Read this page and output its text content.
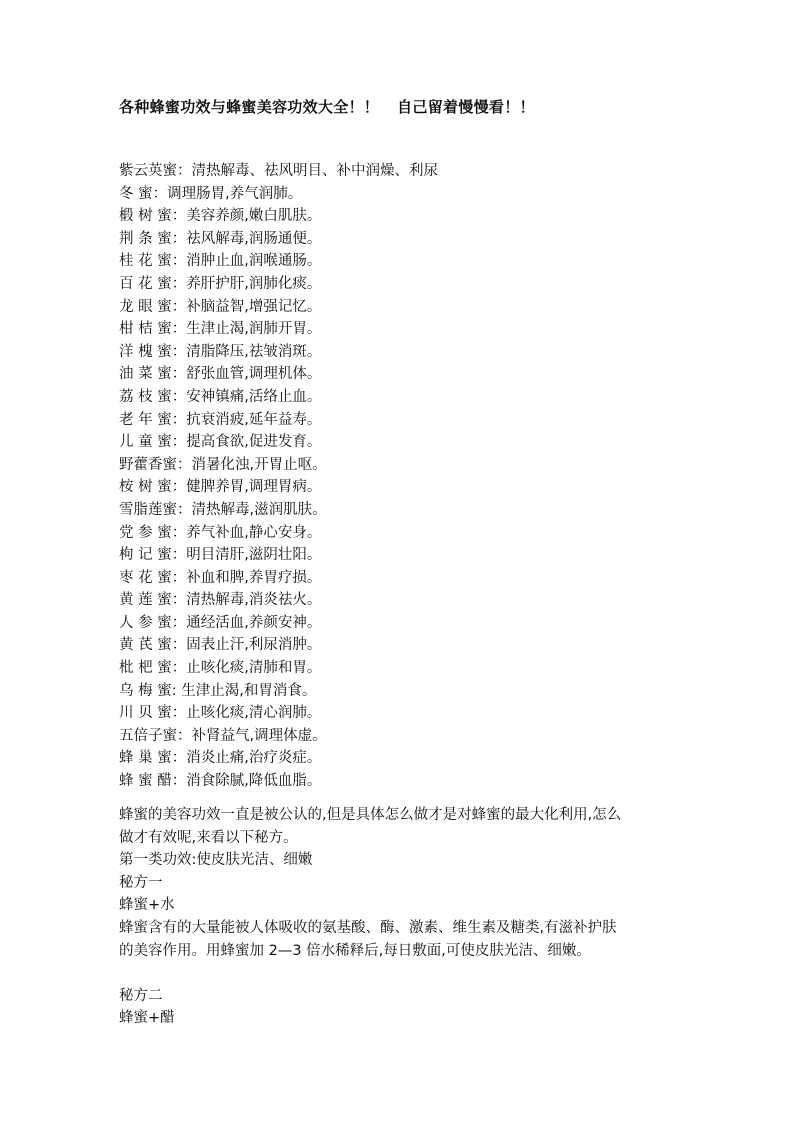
各种蜂蜜功效与蜂蜜美容功效大全！！ 自己留着慢慢看！！
紫云英蜜：清热解毒、祛风明目、补中润燥、利尿
冬 蜜：调理肠胃,养气润肺。
椴 树 蜜：美容养颜,嫩白肌肤。
荆 条 蜜：祛风解毒,润肠通便。
桂 花 蜜：消肿止血,润喉通肠。
百 花 蜜：养肝护肝,润肺化痰。
龙 眼 蜜：补脑益智,增强记忆。
柑 桔 蜜：生津止渴,润肺开胃。
洋 槐 蜜：清脂降压,祛皱消斑。
油 菜 蜜：舒张血管,调理机体。
荔 枝 蜜：安神镇痛,活络止血。
老 年 蜜：抗衰消疲,延年益寿。
儿 童 蜜：提高食欲,促进发育。
野藿香蜜：消暑化浊,开胃止呕。
桉 树 蜜：健脾养胃,调理胃病。
雪脂莲蜜：清热解毒,滋润肌肤。
党 参 蜜：养气补血,静心安身。
枸 记 蜜：明目清肝,滋阴壮阳。
枣 花 蜜：补血和脾,养胃疗损。
黄 莲 蜜：清热解毒,消炎祛火。
人 参 蜜：通经活血,养颜安神。
黄 芪 蜜：固表止汗,利尿消肿。
枇 杷 蜜：止咳化痰,清肺和胃。
乌 梅 蜜: 生津止渴,和胃消食。
川 贝 蜜：止咳化痰,清心润肺。
五倍子蜜：补肾益气,调理体虚。
蜂 巢 蜜：消炎止痛,治疗炎症。
蜂 蜜 醋：消食除腻,降低血脂。
蜂蜜的美容功效一直是被公认的,但是具体怎么做才是对蜂蜜的最大化利用,怎么
做才有效呢,来看以下秘方。
第一类功效:使皮肤光洁、细嫩
秘方一
蜂蜜+水
蜂蜜含有的大量能被人体吸收的氨基酸、酶、激素、维生素及糖类,有滋补护肤
的美容作用。用蜂蜜加 2—3 倍水稀释后,每日敷面,可使皮肤光洁、细嫩。
秘方二
蜂蜜+醋
